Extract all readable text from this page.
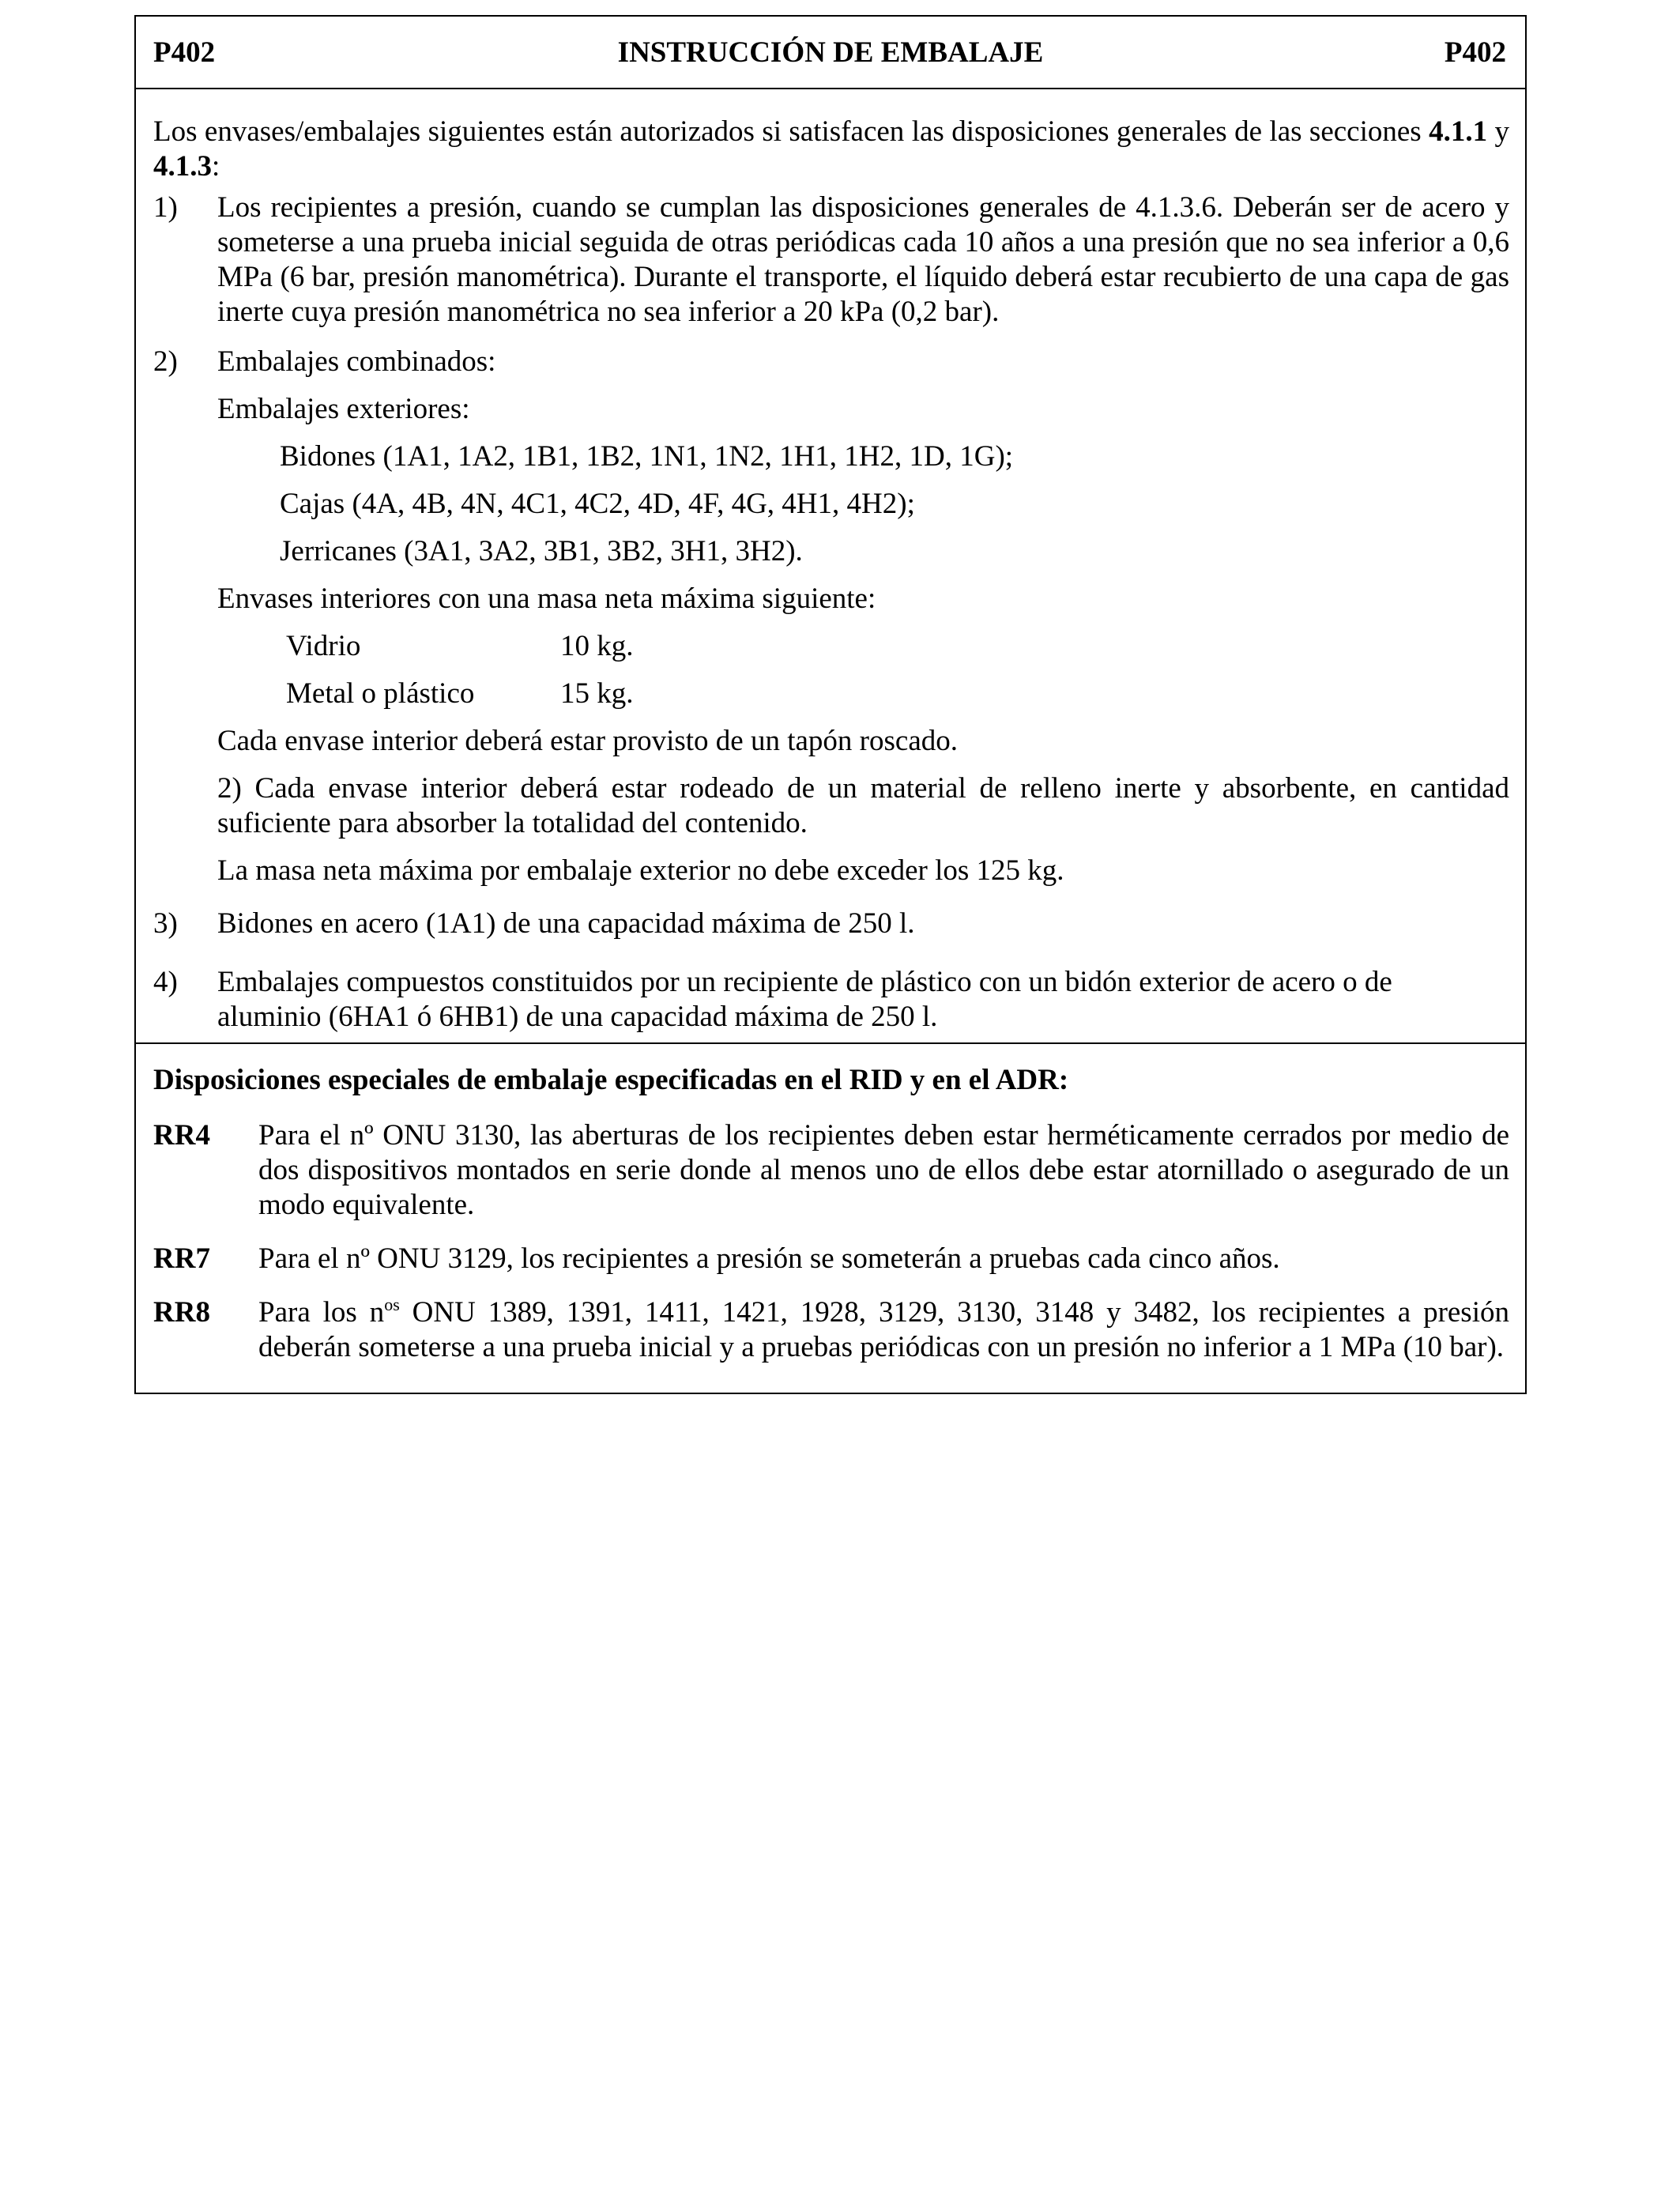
P402	INSTRUCCIÓN DE EMBALAJE	P402
Los envases/embalajes siguientes están autorizados si satisfacen las disposiciones generales de las secciones 4.1.1 y 4.1.3:
1) Los recipientes a presión, cuando se cumplan las disposiciones generales de 4.1.3.6. Deberán ser de acero y someterse a una prueba inicial seguida de otras periódicas cada 10 años a una presión que no sea inferior a 0,6 MPa (6 bar, presión manométrica). Durante el transporte, el líquido deberá estar recubierto de una capa de gas inerte cuya presión manométrica no sea inferior a 20 kPa (0,2 bar).
2) Embalajes combinados:
Embalajes exteriores:
Bidones (1A1, 1A2, 1B1, 1B2, 1N1, 1N2, 1H1, 1H2, 1D, 1G);
Cajas (4A, 4B, 4N, 4C1, 4C2, 4D, 4F, 4G, 4H1, 4H2);
Jerricanes (3A1, 3A2, 3B1, 3B2, 3H1, 3H2).
Envases interiores con una masa neta máxima siguiente:
Vidrio	10 kg.
Metal o plástico	15 kg.
Cada envase interior deberá estar provisto de un tapón roscado.
2) Cada envase interior deberá estar rodeado de un material de relleno inerte y absorbente, en cantidad suficiente para absorber la totalidad del contenido.
La masa neta máxima por embalaje exterior no debe exceder los 125 kg.
3) Bidones en acero (1A1) de una capacidad máxima de 250 l.
4) Embalajes compuestos constituidos por un recipiente de plástico con un bidón exterior de acero o de
aluminio (6HA1 ó 6HB1) de una capacidad máxima de 250 l.
Disposiciones especiales de embalaje especificadas en el RID y en el ADR:
RR4 Para el nº ONU 3130, las aberturas de los recipientes deben estar herméticamente cerrados por medio de dos dispositivos montados en serie donde al menos uno de ellos debe estar atornillado o asegurado de un modo equivalente.
RR7 Para el nº ONU 3129, los recipientes a presión se someterán a pruebas cada cinco años.
RR8 Para los $n^{os}$ ONU 1389, 1391, 1411, 1421, 1928, 3129, 3130, 3148 y 3482, los recipientes a presión deberán someterse a una prueba inicial y a pruebas periódicas con un presión no inferior a 1 MPa (10 bar).
